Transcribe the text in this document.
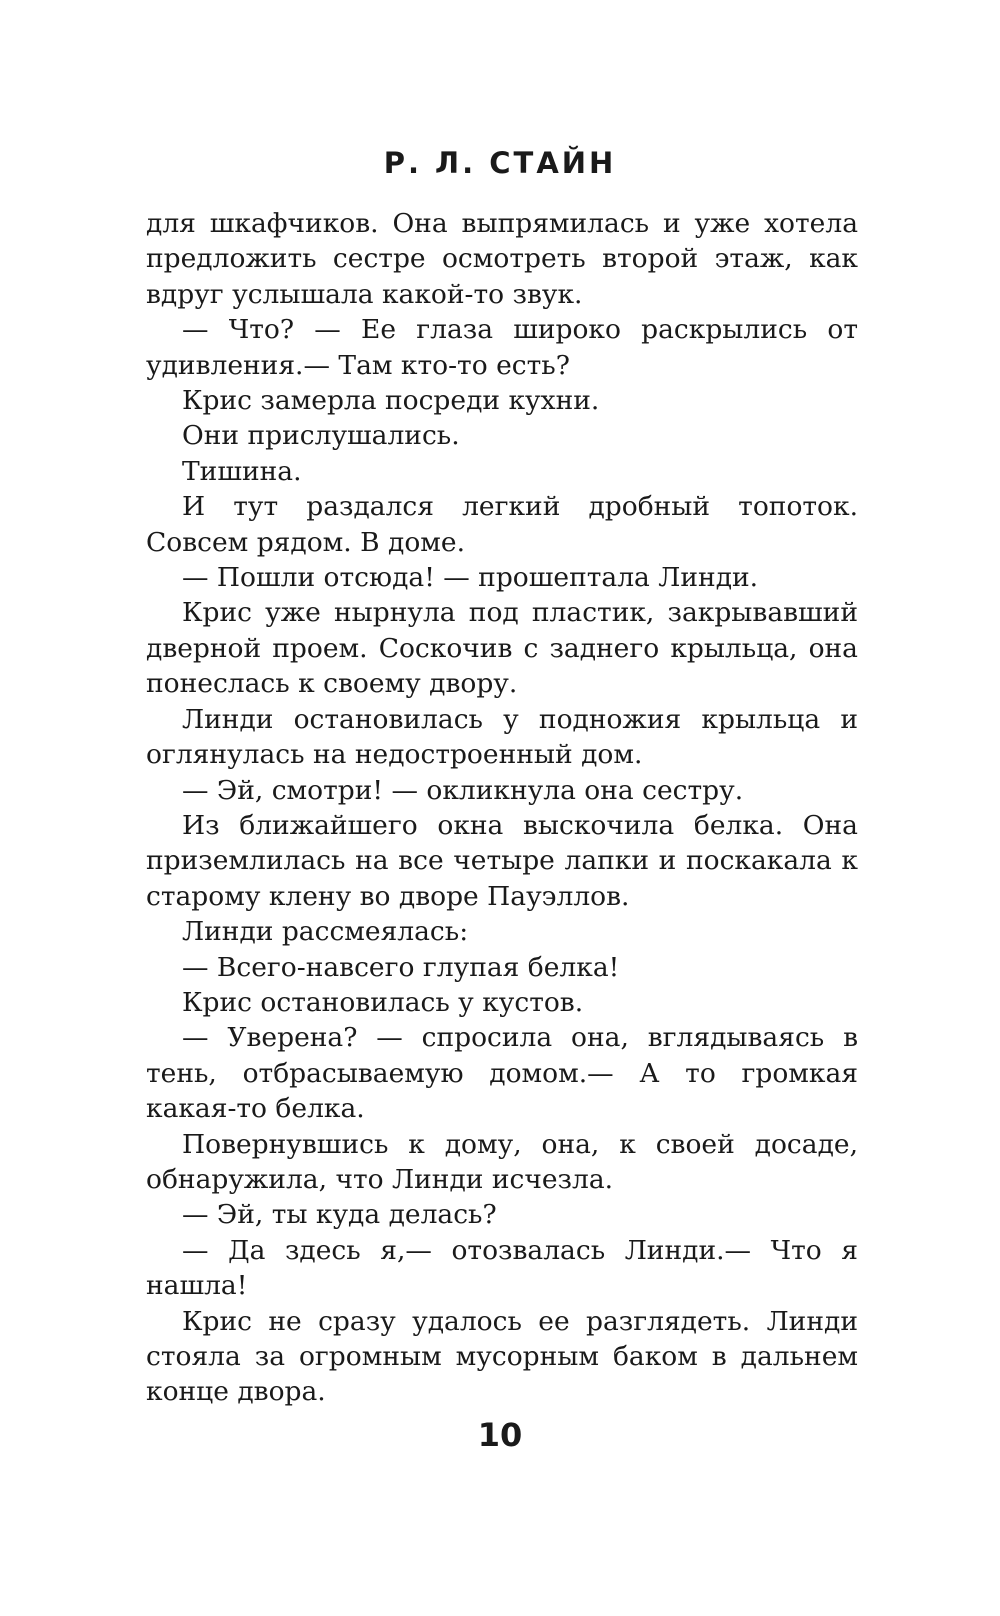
Р. Л. СТАЙН

для шкафчиков. Она выпрямилась и уже хотела предложить сестре осмотреть второй этаж, как вдруг услышала какой-то звук.

— Что? — Ее глаза широко раскрылись от удивления.— Там кто-то есть?

Крис замерла посреди кухни.

Они прислушались.

Тишина.

И тут раздался легкий дробный топоток. Совсем рядом. В доме.

— Пошли отсюда! — прошептала Линди.

Крис уже нырнула под пластик, закрывавший дверной проем. Соскочив с заднего крыльца, она понеслась к своему двору.

Линди остановилась у подножия крыльца и оглянулась на недостроенный дом.

— Эй, смотри! — окликнула она сестру.

Из ближайшего окна выскочила белка. Она приземлилась на все четыре лапки и поскакала к старому клену во дворе Пауэллов.

Линди рассмеялась:

— Всего-навсего глупая белка!

Крис остановилась у кустов.

— Уверена? — спросила она, вглядываясь в тень, отбрасываемую домом.— А то громкая какая-то белка.

Повернувшись к дому, она, к своей досаде, обнаружила, что Линди исчезла.

— Эй, ты куда делась?

— Да здесь я,— отозвалась Линди.— Что я нашла!

Крис не сразу удалось ее разглядеть. Линди стояла за огромным мусорным баком в дальнем конце двора.

10
